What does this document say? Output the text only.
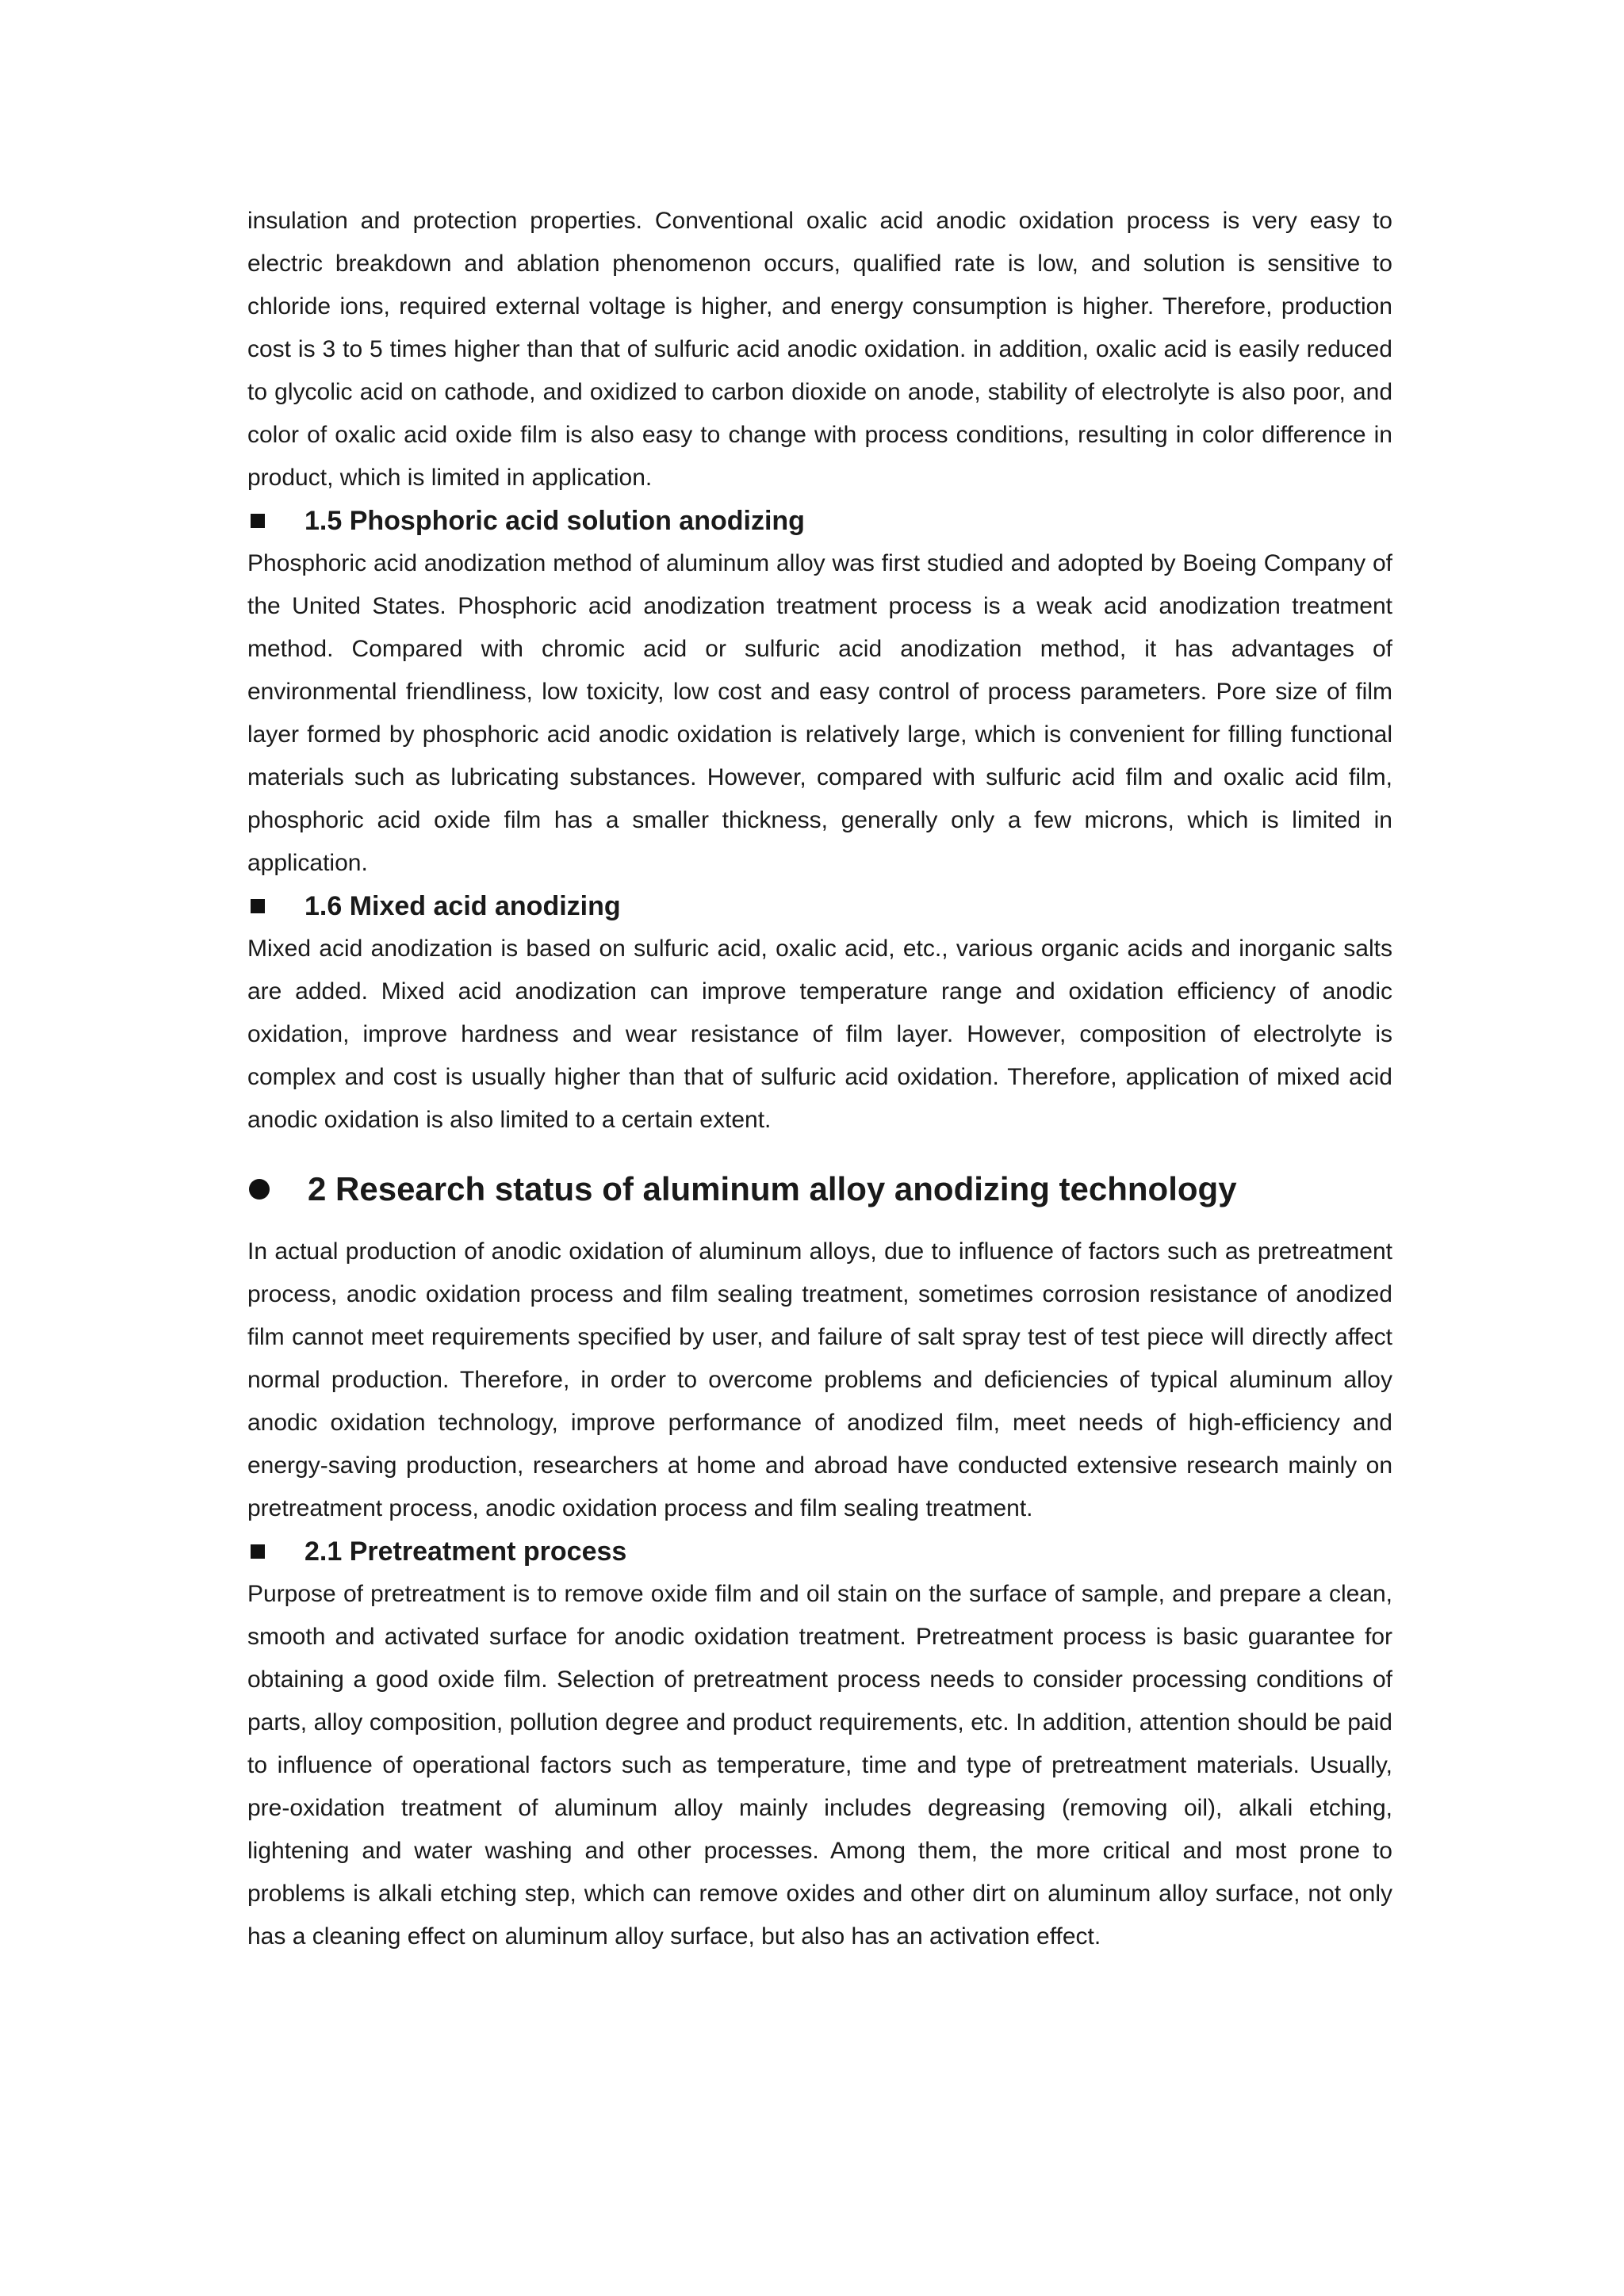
insulation and protection properties. Conventional oxalic acid anodic oxidation process is very easy to electric breakdown and ablation phenomenon occurs, qualified rate is low, and solution is sensitive to chloride ions, required external voltage is higher, and energy consumption is higher. Therefore, production cost is 3 to 5 times higher than that of sulfuric acid anodic oxidation. in addition, oxalic acid is easily reduced to glycolic acid on cathode, and oxidized to carbon dioxide on anode, stability of electrolyte is also poor, and color of oxalic acid oxide film is also easy to change with process conditions, resulting in color difference in product, which is limited in application.

1.5 Phosphoric acid solution anodizing

Phosphoric acid anodization method of aluminum alloy was first studied and adopted by Boeing Company of the United States. Phosphoric acid anodization treatment process is a weak acid anodization treatment method. Compared with chromic acid or sulfuric acid anodization method, it has advantages of environmental friendliness, low toxicity, low cost and easy control of process parameters. Pore size of film layer formed by phosphoric acid anodic oxidation is relatively large, which is convenient for filling functional materials such as lubricating substances. However, compared with sulfuric acid film and oxalic acid film, phosphoric acid oxide film has a smaller thickness, generally only a few microns, which is limited in application.

1.6 Mixed acid anodizing

Mixed acid anodization is based on sulfuric acid, oxalic acid, etc., various organic acids and inorganic salts are added. Mixed acid anodization can improve temperature range and oxidation efficiency of anodic oxidation, improve hardness and wear resistance of film layer. However, composition of electrolyte is complex and cost is usually higher than that of sulfuric acid oxidation. Therefore, application of mixed acid anodic oxidation is also limited to a certain extent.

2 Research status of aluminum alloy anodizing technology

In actual production of anodic oxidation of aluminum alloys, due to influence of factors such as pretreatment process, anodic oxidation process and film sealing treatment, sometimes corrosion resistance of anodized film cannot meet requirements specified by user, and failure of salt spray test of test piece will directly affect normal production. Therefore, in order to overcome problems and deficiencies of typical aluminum alloy anodic oxidation technology, improve performance of anodized film, meet needs of high-efficiency and energy-saving production, researchers at home and abroad have conducted extensive research mainly on pretreatment process, anodic oxidation process and film sealing treatment.

2.1 Pretreatment process

Purpose of pretreatment is to remove oxide film and oil stain on the surface of sample, and prepare a clean, smooth and activated surface for anodic oxidation treatment. Pretreatment process is basic guarantee for obtaining a good oxide film. Selection of pretreatment process needs to consider processing conditions of parts, alloy composition, pollution degree and product requirements, etc. In addition, attention should be paid to influence of operational factors such as temperature, time and type of pretreatment materials. Usually, pre-oxidation treatment of aluminum alloy mainly includes degreasing (removing oil), alkali etching, lightening and water washing and other processes. Among them, the more critical and most prone to problems is alkali etching step, which can remove oxides and other dirt on aluminum alloy surface, not only has a cleaning effect on aluminum alloy surface, but also has an activation effect.
